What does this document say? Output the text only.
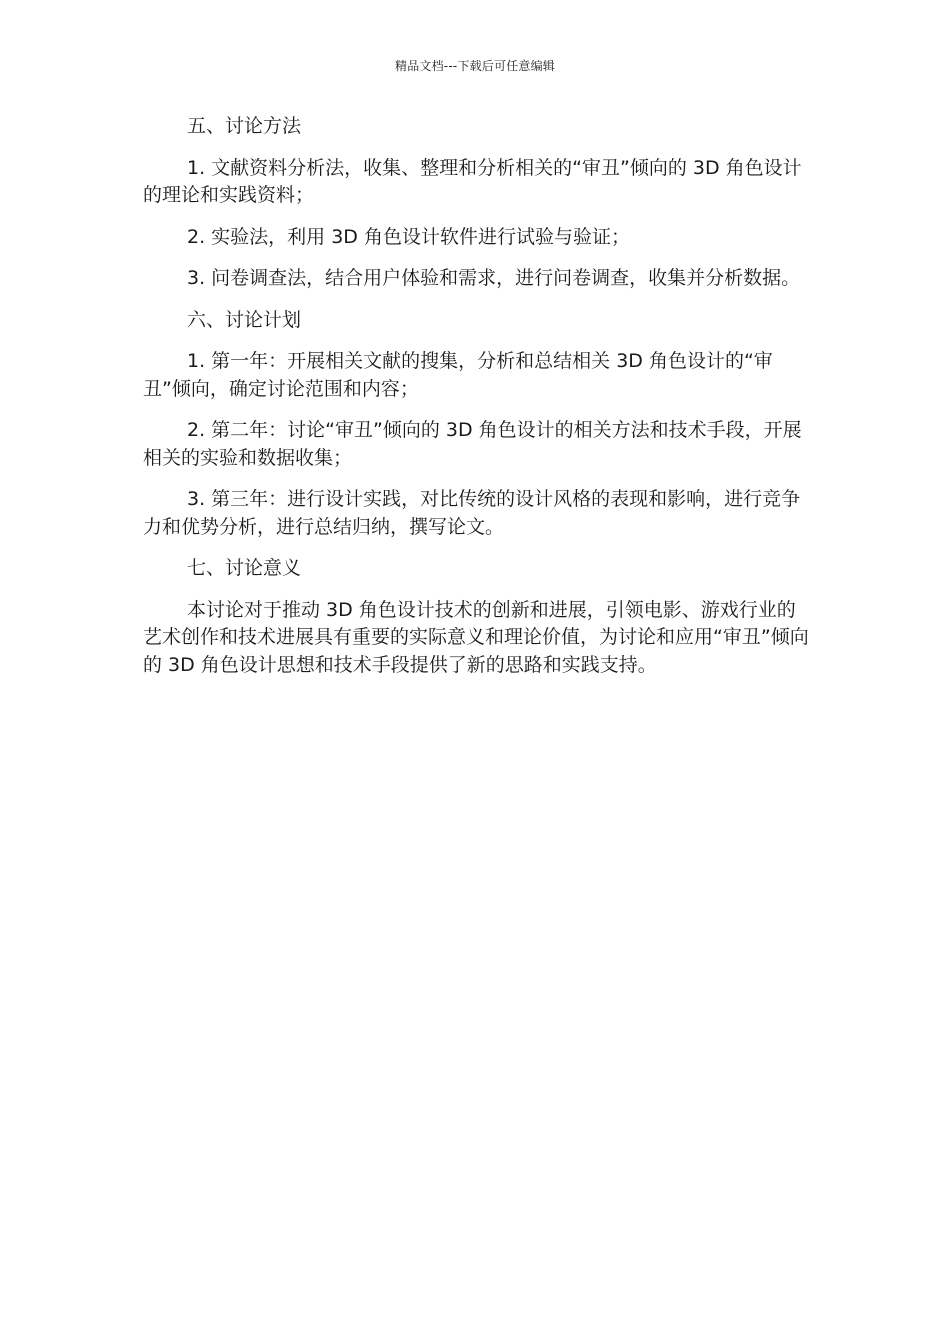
精品文档---下载后可任意编辑

五、讨论方法

1. 文献资料分析法，收集、整理和分析相关的“审丑”倾向的 3D 角色设计的理论和实践资料；

2. 实验法，利用 3D 角色设计软件进行试验与验证；

3. 问卷调查法，结合用户体验和需求，进行问卷调查，收集并分析数据。

六、讨论计划

1. 第一年：开展相关文献的搜集，分析和总结相关 3D 角色设计的“审丑”倾向，确定讨论范围和内容；

2. 第二年：讨论“审丑”倾向的 3D 角色设计的相关方法和技术手段，开展相关的实验和数据收集；

3. 第三年：进行设计实践，对比传统的设计风格的表现和影响，进行竞争力和优势分析，进行总结归纳，撰写论文。

七、讨论意义

本讨论对于推动 3D 角色设计技术的创新和进展，引领电影、游戏行业的艺术创作和技术进展具有重要的实际意义和理论价值，为讨论和应用“审丑”倾向的 3D 角色设计思想和技术手段提供了新的思路和实践支持。
